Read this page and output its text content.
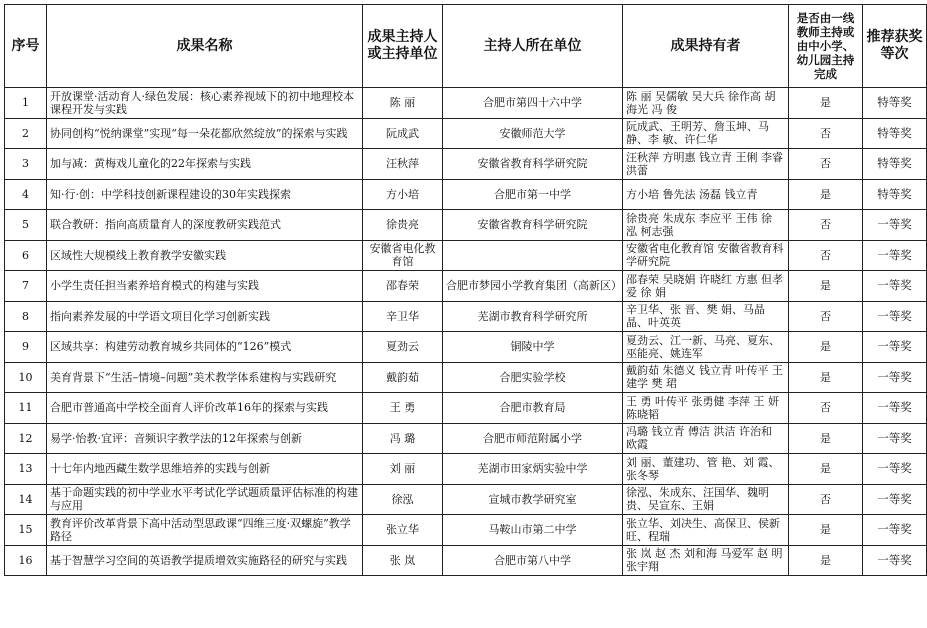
序号	成果名称	成果主持人或主持单位	主持人所在单位	成果持有者	是否由一线教师主持或由中小学、幼儿园主持完成	推荐获奖等次
1	开放课堂·活动育人·绿色发展：核心素养视域下的初中地理校本课程开发与实践	陈 丽	合肥市第四十六中学	陈 丽 吴儒敏 吴大兵 徐作高 胡海光 冯 俊	是	特等奖
2	协同创构“悦纳课堂”实现“每一朵花都欣然绽放”的探索与实践	阮成武	安徽师范大学	阮成武、王明芳、詹玉坤、马 静、李 敏、许仁华	否	特等奖
3	加与减：黄梅戏儿童化的22年探索与实践	汪秋萍	安徽省教育科学研究院	汪秋萍 方明惠 钱立青 王俐 李睿 洪蕾	否	特等奖
4	知·行·创：中学科技创新课程建设的30年实践探索	方小培	合肥市第一中学	方小培 鲁先法 汤磊 钱立青	是	特等奖
5	联合教研：指向高质量育人的深度教研实践范式	徐贵亮	安徽省教育科学研究院	徐贵亮 朱成东 李应平 王伟 徐 泓 柯志强	否	一等奖
6	区域性大规模线上教育教学安徽实践	安徽省电化教育馆		安徽省电化教育馆 安徽省教育科学研究院	否	一等奖
7	小学生责任担当素养培育模式的构建与实践	邵春荣	合肥市梦园小学教育集团（高新区）	邵春荣 吴晓娟 许晓红 方惠 但孝爱 徐 娟	是	一等奖
8	指向素养发展的中学语文项目化学习创新实践	辛卫华	芜湖市教育科学研究所	辛卫华、张 晋、樊 娟、马晶晶、叶英英	否	一等奖
9	区域共享：构建劳动教育城乡共同体的“126”模式	夏劲云	铜陵中学	夏劲云、江一新、马亮、夏东、巫能亮、姚连军	是	一等奖
10	美育背景下“生活–情境–问题”美术教学体系建构与实践研究	戴韵茹	合肥实验学校	戴韵茹 朱德义 钱立青 叶传平 王建学 樊 珺	是	一等奖
11	合肥市普通高中学校全面育人评价改革16年的探索与实践	王 勇	合肥市教育局	王 勇 叶传平 张勇健 李萍 王 妍 陈晓韬	否	一等奖
12	易学·怡教·宜评：音频识字教学法的12年探索与创新	冯 璐	合肥市师范附属小学	冯璐 钱立青 傅洁 洪洁 许治和 欧霞	是	一等奖
13	十七年内地西藏生数学思维培养的实践与创新	刘 丽	芜湖市田家炳实验中学	刘 丽、董建功、管 艳、刘 霞、张冬琴	是	一等奖
14	基于命题实践的初中学业水平考试化学试题质量评估标准的构建与应用	徐泓	宣城市教学研究室	徐泓、朱成东、汪国华、魏明贵、吴宣东、王娟	否	一等奖
15	教育评价改革背景下高中活动型思政课“四维三度·双螺旋”教学路径	张立华	马鞍山市第二中学	张立华、刘决生、高保卫、侯新旺、程瑞	是	一等奖
16	基于智慧学习空间的英语教学提质增效实施路径的研究与实践	张 岚	合肥市第八中学	张 岚 赵 杰 刘和海 马爱军 赵 明 张宇翔	是	一等奖
